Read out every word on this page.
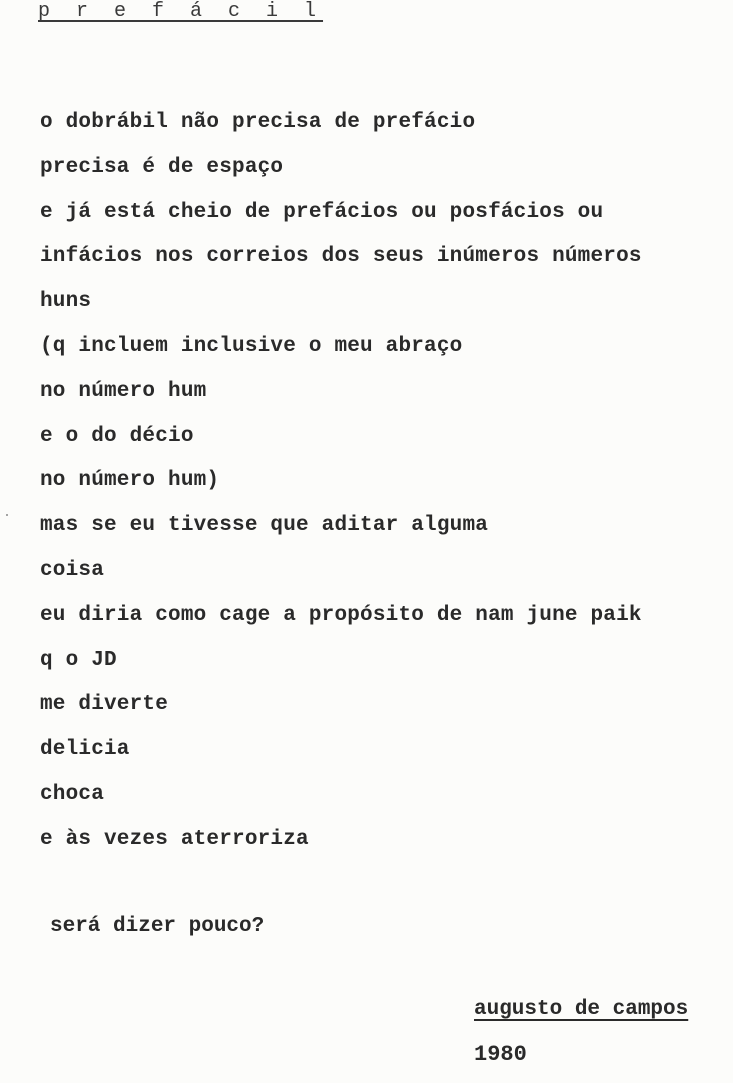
p r e f á c i l
o dobrábil não precisa de prefácio
precisa é de espaço
e já está cheio de prefácios ou posfácios ou
infácios nos correios dos seus inúmeros números
huns
(q incluem inclusive o meu abraço
no número hum
e o do décio
no número hum)
mas se eu tivesse que aditar alguma
coisa
eu diria como cage a propósito de nam june paik
q o JD
me diverte
delicia
choca
e às vezes aterroriza
será dizer pouco?
augusto de campos
1980
